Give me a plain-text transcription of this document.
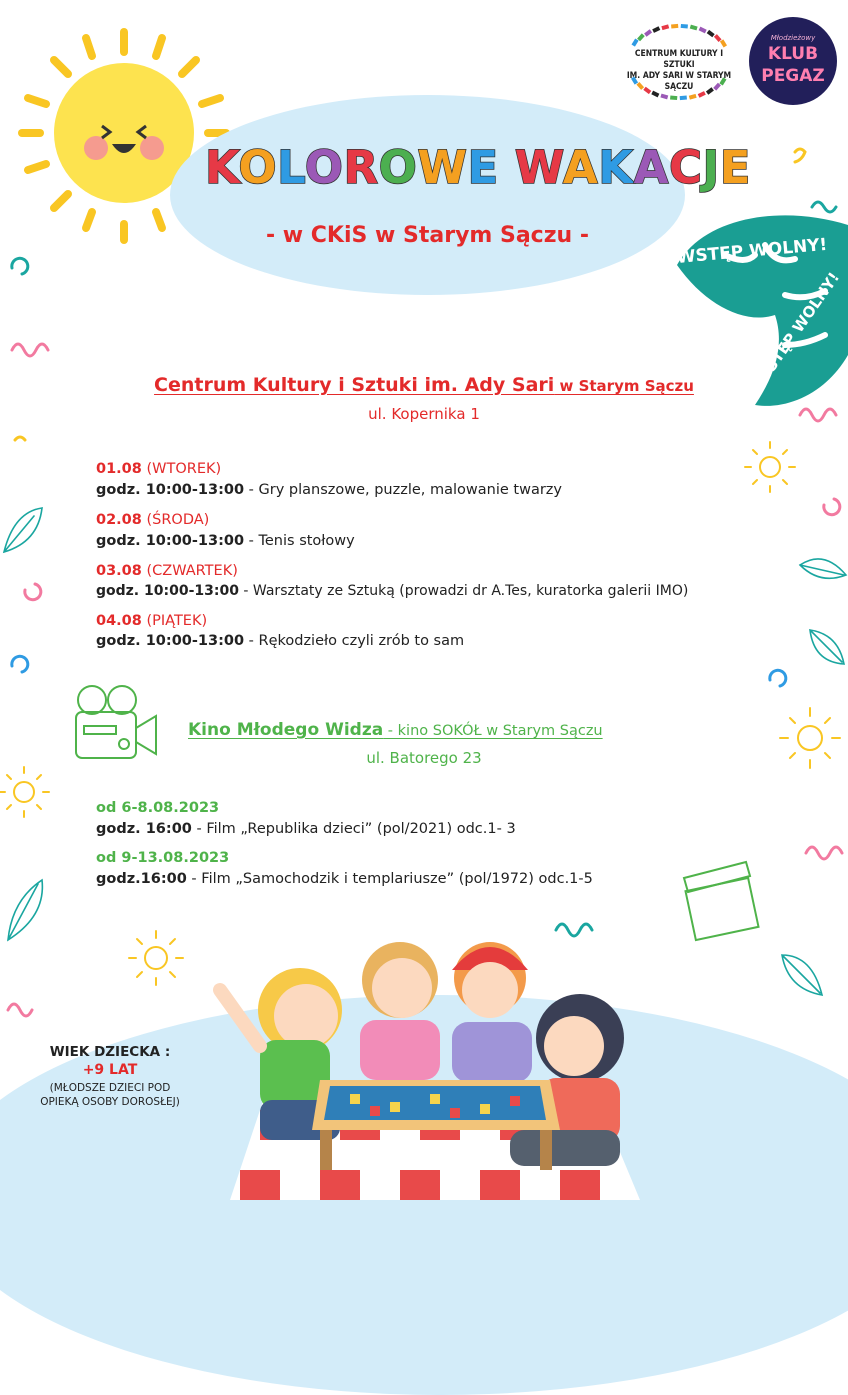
KOLOROWE WAKACJE
- w CKiS w Starym Sączu -
CENTRUM KULTURY I SZTUKI
IM. ADY SARI W STARYM SĄCZU
Młodzieżowy
KLUB
PEGAZ
WSTĘP WOLNY!
WSTĘP WOLNY!
Centrum Kultury i Sztuki im. Ady Sari w Starym Sączu
ul. Kopernika 1
01.08 (WTOREK)
godz. 10:00-13:00 - Gry planszowe, puzzle, malowanie twarzy
02.08 (ŚRODA)
godz. 10:00-13:00 - Tenis stołowy
03.08 (CZWARTEK)
godz. 10:00-13:00 - Warsztaty ze Sztuką (prowadzi dr A.Tes, kuratorka galerii IMO)
04.08 (PIĄTEK)
godz. 10:00-13:00 - Rękodzieło czyli zrób to sam
Kino Młodego Widza - kino SOKÓŁ w Starym Sączu
ul. Batorego 23
od 6-8.08.2023
godz. 16:00 - Film „Republika dzieci” (pol/2021) odc.1- 3
od 9-13.08.2023
godz.16:00 - Film „Samochodzik i templariusze” (pol/1972) odc.1-5
WIEK DZIECKA :
+9 LAT
(MŁODSZE DZIECI POD
OPIEKĄ OSOBY DOROSŁEJ)
